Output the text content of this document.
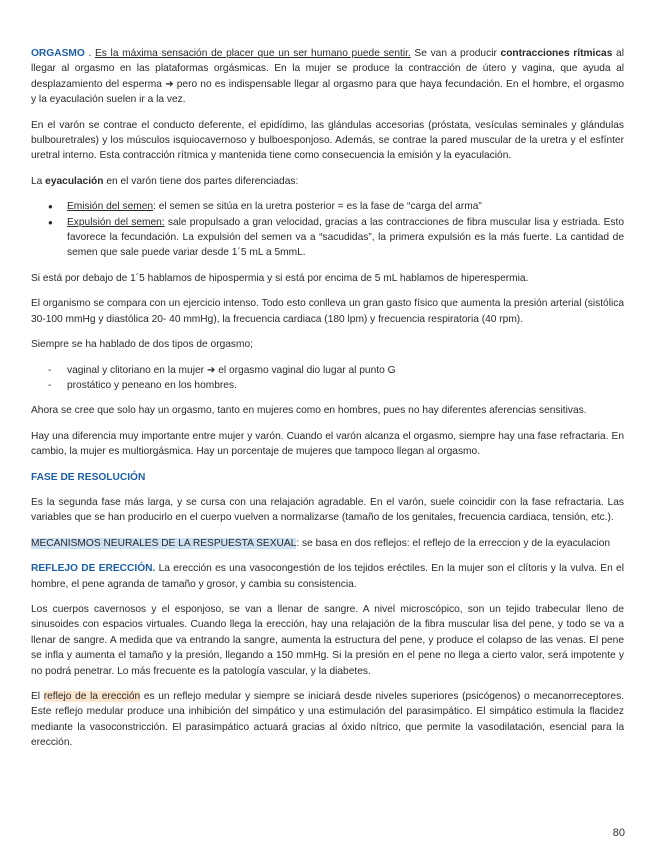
ORGASMO . Es la máxima sensación de placer que un ser humano puede sentir. Se van a producir contracciones rítmicas al llegar al orgasmo en las plataformas orgásmicas. En la mujer se produce la contracción de útero y vagina, que ayuda al desplazamiento del esperma ➜ pero no es indispensable llegar al orgasmo para que haya fecundación. En el hombre, el orgasmo y la eyaculación suelen ir a la vez.

En el varón se contrae el conducto deferente, el epidídimo, las glándulas accesorias (próstata, vesículas seminales y glándulas bulbouretrales) y los músculos isquiocavernoso y bulboesponjoso. Además, se contrae la pared muscular de la uretra y el esfínter uretral interno. Esta contracción rítmica y mantenida tiene como consecuencia la emisión y la eyaculación.

La eyaculación en el varón tiene dos partes diferenciadas:

● Emisión del semen: el semen se sitúa en la uretra posterior = es la fase de “carga del arma”
● Expulsión del semen: sale propulsado a gran velocidad, gracias a las contracciones de fibra muscular lisa y estriada. Esto favorece la fecundación. La expulsión del semen va a “sacudidas”, la primera expulsión es la más fuerte. La cantidad de semen que sale puede variar desde 1´5 mL a 5mmL.

Si está por debajo de 1´5 hablamos de hipospermia y si está por encima de 5 mL hablamos de hiperespermia.

El organismo se compara con un ejercicio intenso. Todo esto conlleva un gran gasto físico que aumenta la presión arterial (sistólica 30-100 mmHg y diastólica 20- 40 mmHg), la frecuencia cardiaca (180 lpm) y frecuencia respiratoria (40 rpm).

Siempre se ha hablado de dos tipos de orgasmo;

- vaginal y clitoriano en la mujer ➜ el orgasmo vaginal dio lugar al punto G
- prostático y peneano en los hombres.

Ahora se cree que solo hay un orgasmo, tanto en mujeres como en hombres, pues no hay diferentes aferencias sensitivas.

Hay una diferencia muy importante entre mujer y varón. Cuando el varón alcanza el orgasmo, siempre hay una fase refractaria. En cambio, la mujer es multiorgásmica. Hay un porcentaje de mujeres que tampoco llegan al orgasmo.

FASE DE RESOLUCIÓN

Es la segunda fase más larga, y se cursa con una relajación agradable. En el varón, suele coincidir con la fase refractaria. Las variables que se han producirlo en el cuerpo vuelven a normalizarse (tamaño de los genitales, frecuencia cardiaca, tensión, etc.).

MECANISMOS NEURALES DE LA RESPUESTA SEXUAL: se basa en dos reflejos: el reflejo de la erreccion y de la eyaculacion

REFLEJO DE ERECCIÓN. La erección es una vasocongestión de los tejidos eréctiles. En la mujer son el clítoris y la vulva. En el hombre, el pene agranda de tamaño y grosor, y cambia su consistencia.

Los cuerpos cavernosos y el esponjoso, se van a llenar de sangre. A nivel microscópico, son un tejido trabecular lleno de sinusoides con espacios virtuales. Cuando llega la erección, hay una relajación de la fibra muscular lisa del pene, y todo se va a llenar de sangre. A medida que va entrando la sangre, aumenta la estructura del pene, y produce el colapso de las venas. El pene se infla y aumenta el tamaño y la presión, llegando a 150 mmHg. Si la presión en el pene no llega a cierto valor, será impotente y no podrá penetrar. Lo más frecuente es la patología vascular, y la diabetes.

El reflejo de la erección es un reflejo medular y siempre se iniciará desde niveles superiores (psicógenos) o mecanorreceptores. Este reflejo medular produce una inhibición del simpático y una estimulación del parasimpático. El simpático estimula la flacidez mediante la vasoconstricción. El parasimpático actuará gracias al óxido nítrico, que permite la vasodilatación, esencial para la erección.

80
